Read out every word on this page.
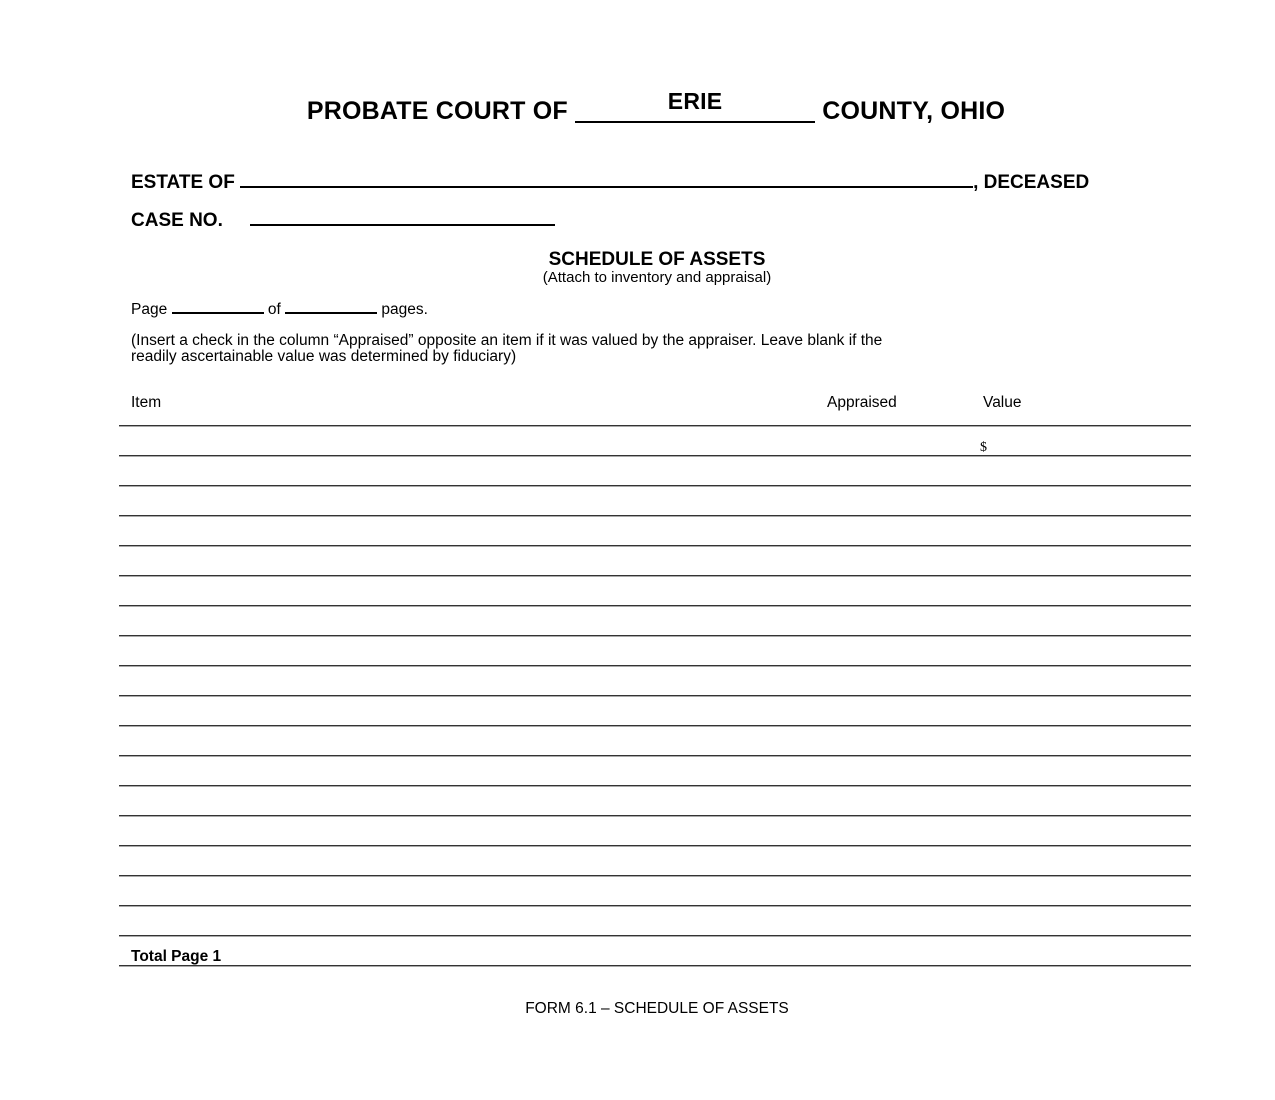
PROBATE COURT OF	ERIE	COUNTY, OHIO
ESTATE OF	, DECEASED
CASE NO.
SCHEDULE OF ASSETS
(Attach to inventory and appraisal)
Page	of	pages.
(Insert a check in the column “Appraised” opposite an item if it was valued by the appraiser. Leave blank if the
readily ascertainable value was determined by fiduciary)
Item	Appraised	Value
$
Total Page 1
FORM 6.1 – SCHEDULE OF ASSETS
